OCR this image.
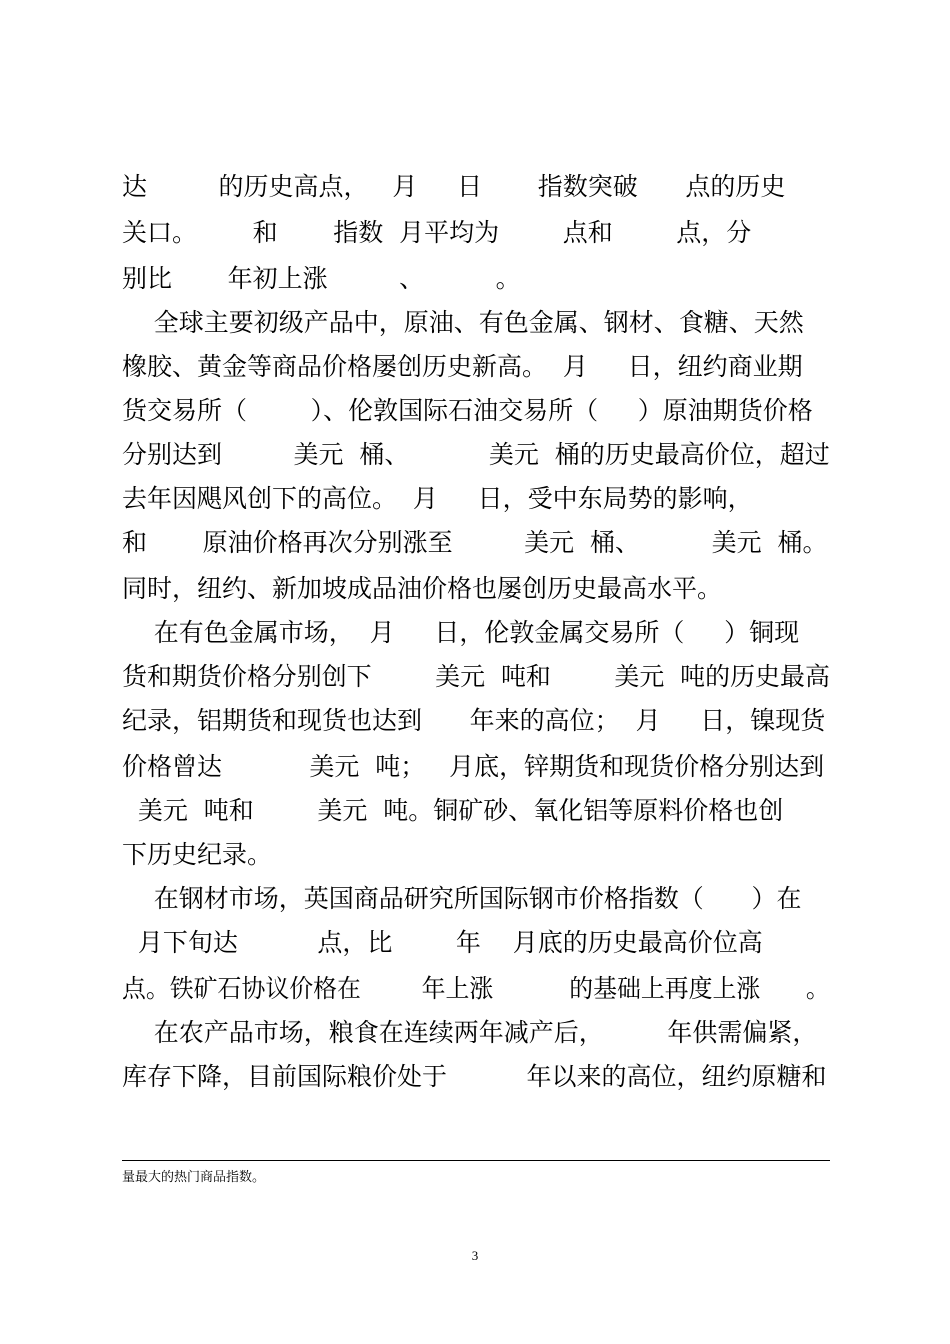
达         的历史高点，   月     日       指数突破      点的历史
关口。       和       指数  月平均为        点和        点，分
别比       年初上涨         、         。
全球主要初级产品中，原油、有色金属、钢材、食糖、天然
橡胶、黄金等商品价格屡创历史新高。  月     日，纽约商业期
货交易所（        ）、伦敦国际石油交易所（     ）原油期货价格
分别达到         美元  桶、          美元  桶的历史最高价位，超过
去年因飓风创下的高位。  月     日，受中东局势的影响，
和       原油价格再次分别涨至         美元  桶、         美元  桶。
同时，纽约、新加坡成品油价格也屡创历史最高水平。
在有色金属市场，  月     日，伦敦金属交易所（     ）铜现
货和期货价格分别创下        美元  吨和        美元  吨的历史最高
纪录，铝期货和现货也达到      年来的高位；  月     日，镍现货
价格曾达           美元  吨；   月底，锌期货和现货价格分别达到
美元  吨和        美元  吨。铜矿砂、氧化铝等原料价格也创
下历史纪录。
在钢材市场，英国商品研究所国际钢市价格指数（      ）在
月下旬达          点，比        年    月底的历史最高价位高
点。铁矿石协议价格在        年上涨          的基础上再度上涨      。
在农产品市场，粮食在连续两年减产后，        年供需偏紧，
库存下降，目前国际粮价处于          年以来的高位，纽约原糖和
量最大的热门商品指数。
3
